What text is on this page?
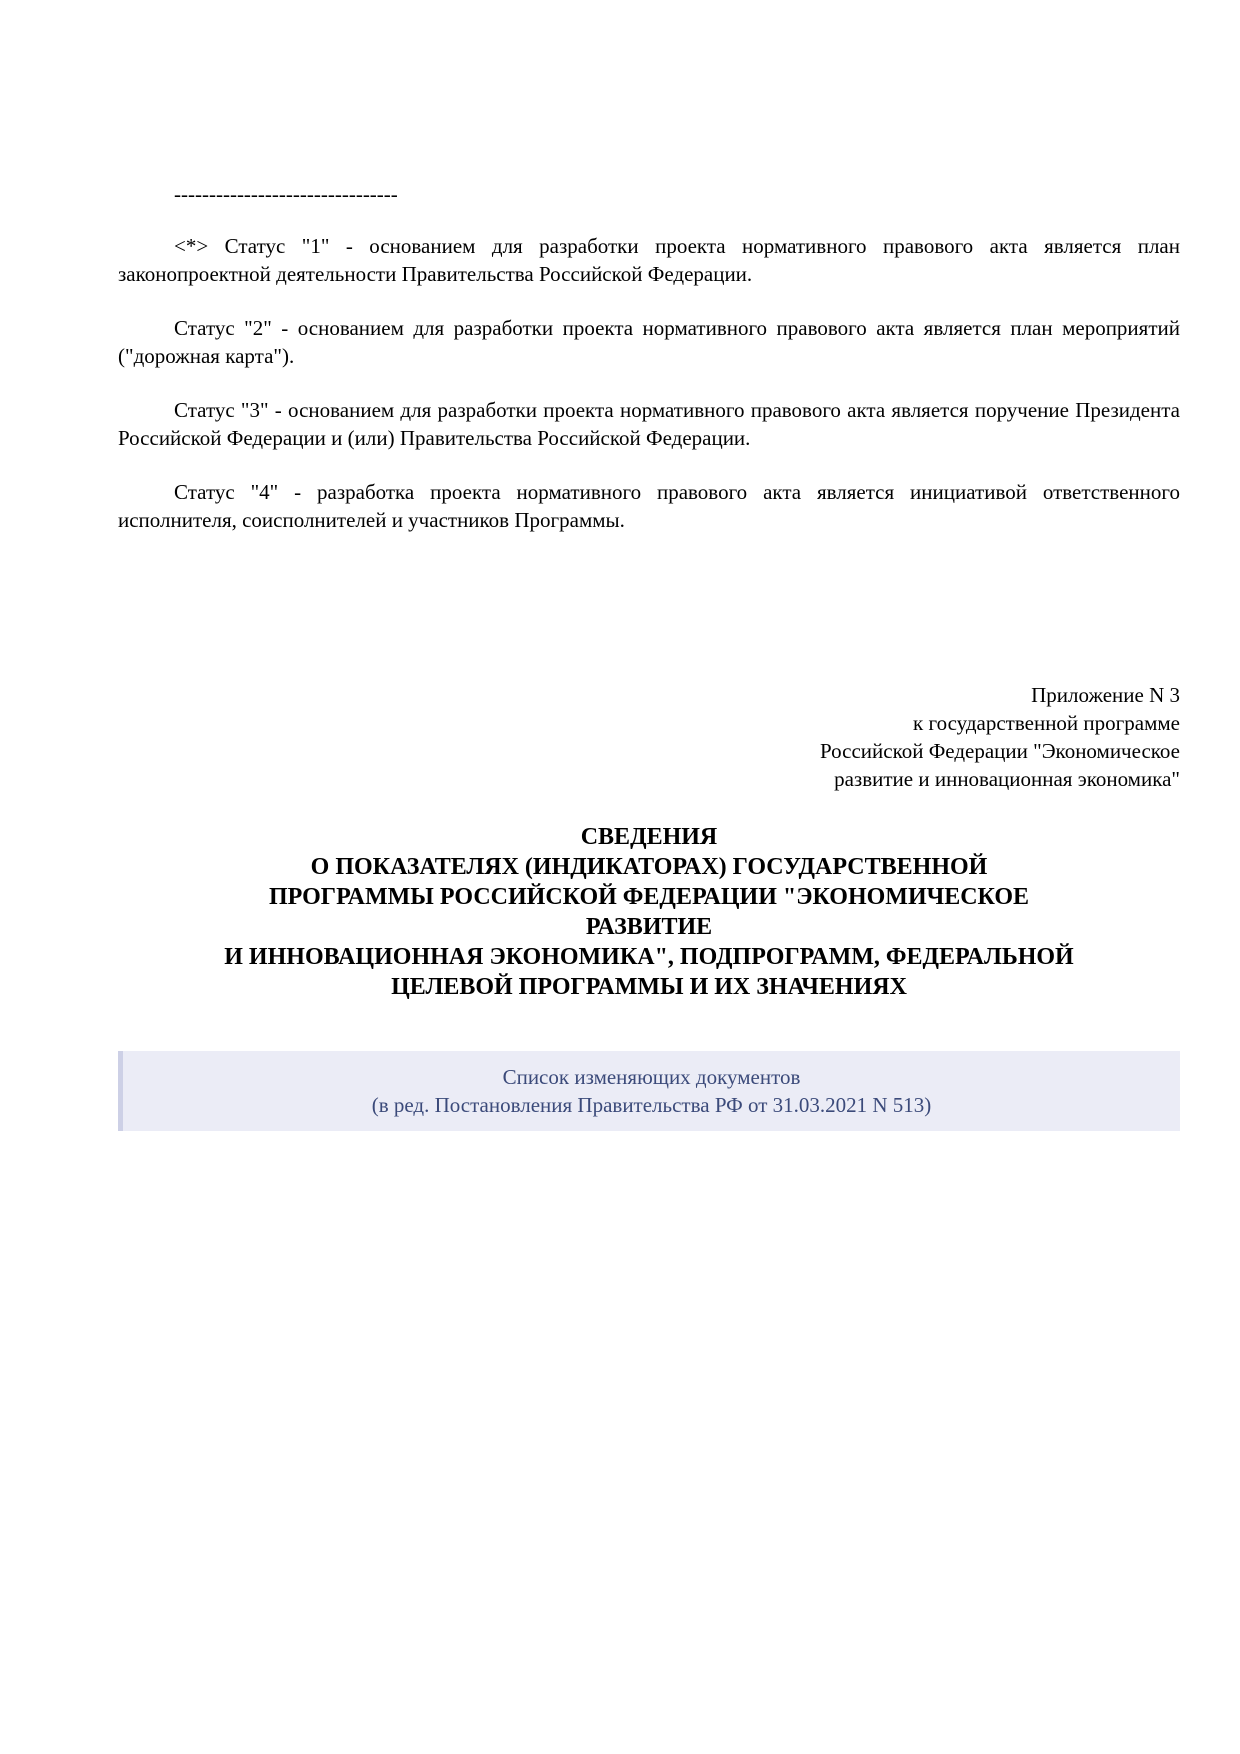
--------------------------------

<*> Статус "1" - основанием для разработки проекта нормативного правового акта является план законопроектной деятельности Правительства Российской Федерации.

Статус "2" - основанием для разработки проекта нормативного правового акта является план мероприятий ("дорожная карта").

Статус "3" - основанием для разработки проекта нормативного правового акта является поручение Президента Российской Федерации и (или) Правительства Российской Федерации.

Статус "4" - разработка проекта нормативного правового акта является инициативой ответственного исполнителя, соисполнителей и участников Программы.

Приложение N 3
к государственной программе
Российской Федерации "Экономическое
развитие и инновационная экономика"
СВЕДЕНИЯ
О ПОКАЗАТЕЛЯХ (ИНДИКАТОРАХ) ГОСУДАРСТВЕННОЙ
ПРОГРАММЫ РОССИЙСКОЙ ФЕДЕРАЦИИ "ЭКОНОМИЧЕСКОЕ
РАЗВИТИЕ
И ИННОВАЦИОННАЯ ЭКОНОМИКА", ПОДПРОГРАММ, ФЕДЕРАЛЬНОЙ
ЦЕЛЕВОЙ ПРОГРАММЫ И ИХ ЗНАЧЕНИЯХ
Список изменяющих документов
(в ред. Постановления Правительства РФ от 31.03.2021 N 513)
